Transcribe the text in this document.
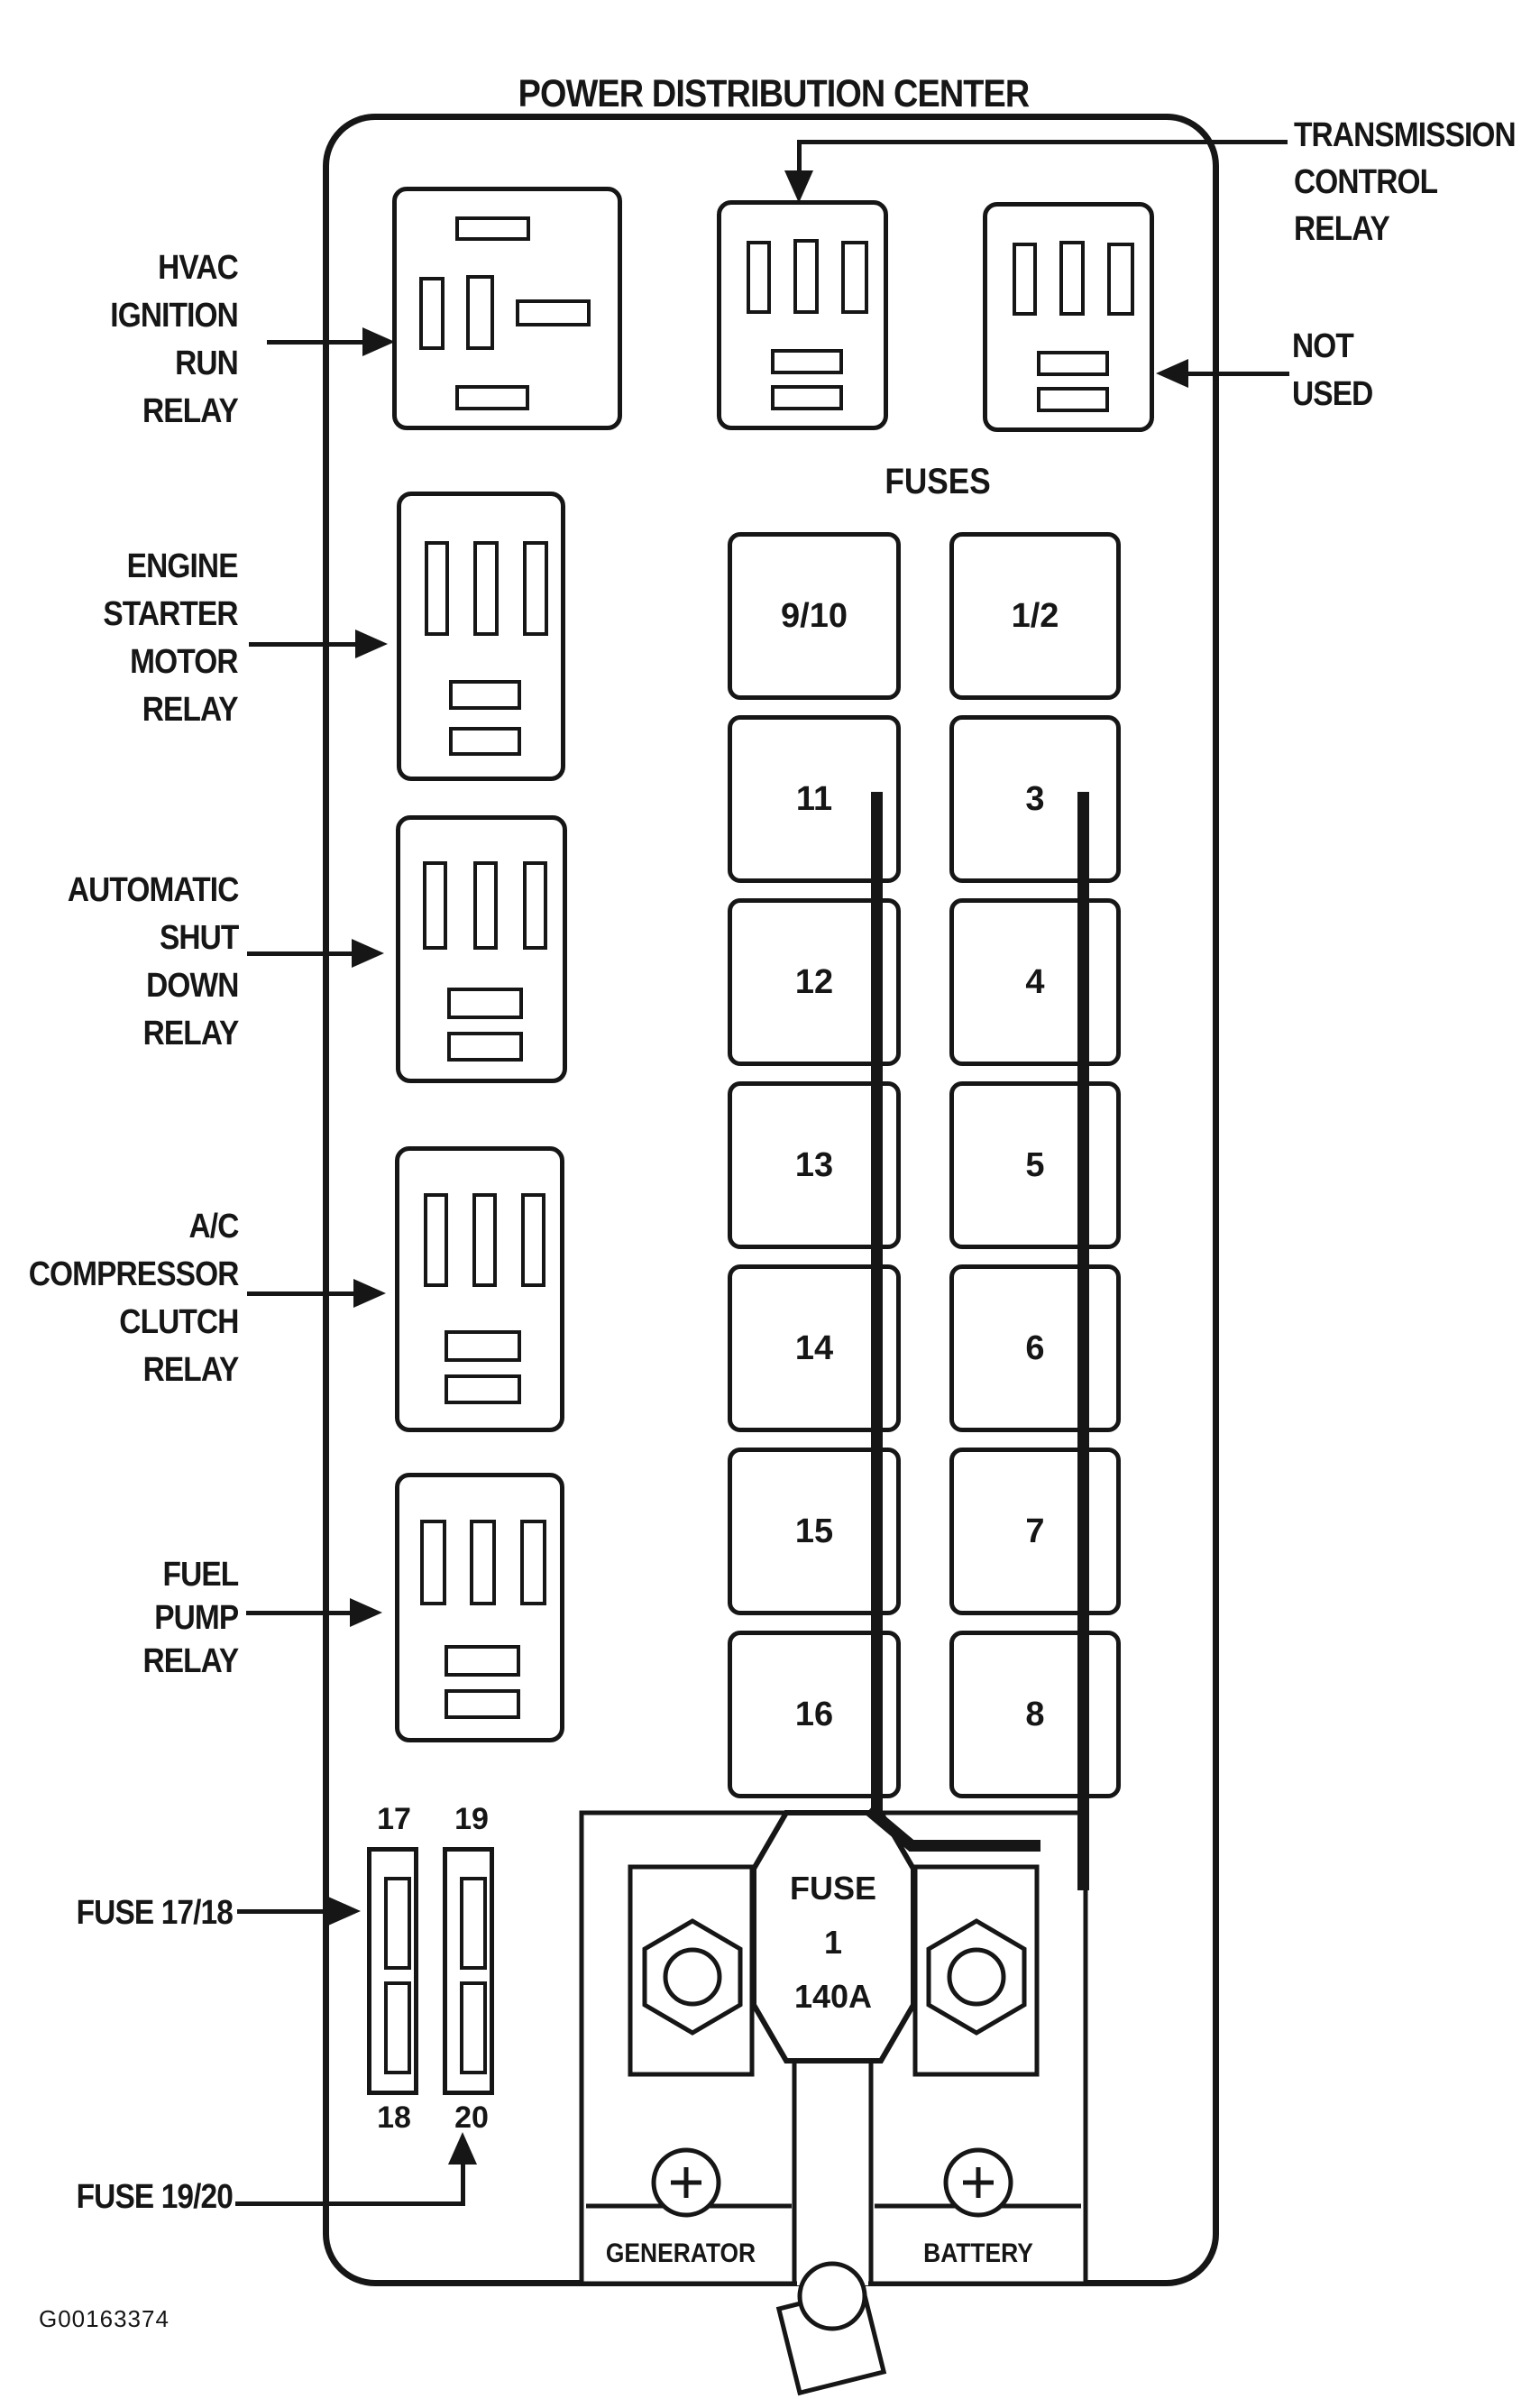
POWER DISTRIBUTION CENTER
FUSES
9/10	1/2
11	3
12	4
13	5
14	6
15	7
16	8
FUSE
1
140A
GENERATOR	BATTERY
17	19
18	20
HVAC
IGNITION
RUN
RELAY
ENGINE
STARTER
MOTOR
RELAY
AUTOMATIC
SHUT
DOWN
RELAY
A/C
COMPRESSOR
CLUTCH
RELAY
FUEL
PUMP
RELAY
FUSE 17/18
FUSE 19/20
TRANSMISSION
CONTROL
RELAY
NOT
USED
G00163374
